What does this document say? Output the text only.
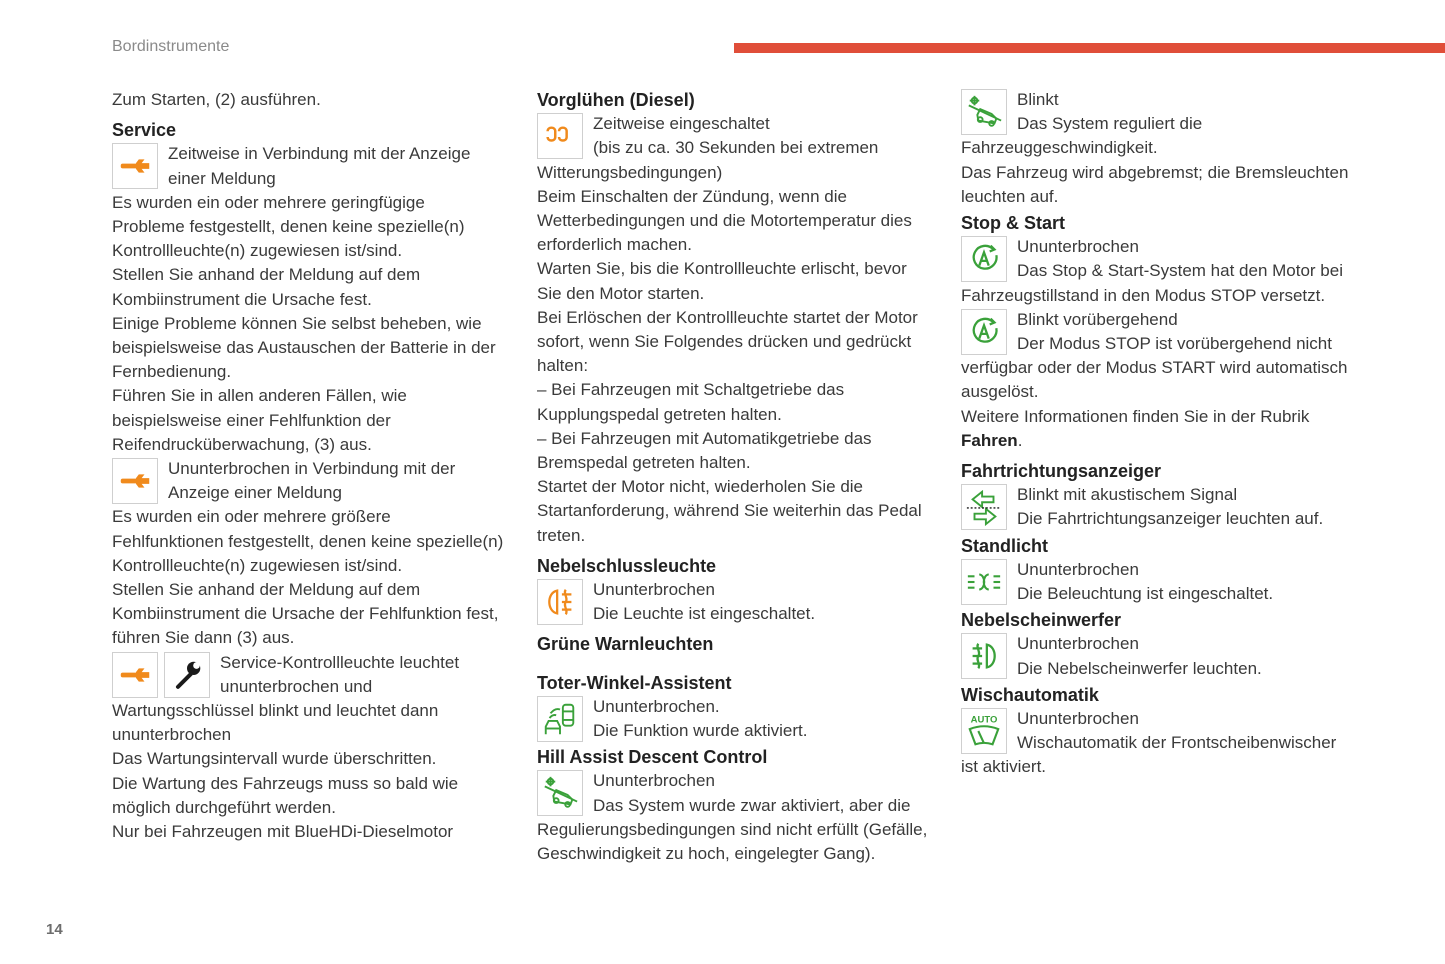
Bordinstrumente

Zum Starten, (2) ausführen.

Service

Zeitweise in Verbindung mit der Anzeige

einer Meldung

Es wurden ein oder mehrere geringfügige

Probleme festgestellt, denen keine spezielle(n)

Kontrollleuchte(n) zugewiesen ist/sind.

Stellen Sie anhand der Meldung auf dem

Kombiinstrument die Ursache fest.

Einige Probleme können Sie selbst beheben, wie

beispielsweise das Austauschen der Batterie in der

Fernbedienung.

Führen Sie in allen anderen Fällen, wie

beispielsweise einer Fehlfunktion der

Reifendrucküberwachung, (3) aus.

Ununterbrochen in Verbindung mit der

Anzeige einer Meldung

Es wurden ein oder mehrere größere

Fehlfunktionen festgestellt, denen keine spezielle(n)

Kontrollleuchte(n) zugewiesen ist/sind.

Stellen Sie anhand der Meldung auf dem

Kombiinstrument die Ursache der Fehlfunktion fest,

führen Sie dann (3) aus.

Service-Kontrollleuchte leuchtet

ununterbrochen und

Wartungsschlüssel blinkt und leuchtet dann

ununterbrochen

Das Wartungsintervall wurde überschritten.

Die Wartung des Fahrzeugs muss so bald wie

möglich durchgeführt werden.

Nur bei Fahrzeugen mit BlueHDi-Dieselmotor

Vorglühen (Diesel)

Zeitweise eingeschaltet

(bis zu ca. 30 Sekunden bei extremen

Witterungsbedingungen)

Beim Einschalten der Zündung, wenn die

Wetterbedingungen und die Motortemperatur dies

erforderlich machen.

Warten Sie, bis die Kontrollleuchte erlischt, bevor

Sie den Motor starten.

Bei Erlöschen der Kontrollleuchte startet der Motor

sofort, wenn Sie Folgendes drücken und gedrückt

halten:

– Bei Fahrzeugen mit Schaltgetriebe das

Kupplungspedal getreten halten.

– Bei Fahrzeugen mit Automatikgetriebe das

Bremspedal getreten halten.

Startet der Motor nicht, wiederholen Sie die

Startanforderung, während Sie weiterhin das Pedal

treten.

Nebelschlussleuchte

Ununterbrochen

Die Leuchte ist eingeschaltet.

Grüne Warnleuchten

Toter-Winkel-Assistent

Ununterbrochen.

Die Funktion wurde aktiviert.

Hill Assist Descent Control

Ununterbrochen

Das System wurde zwar aktiviert, aber die

Regulierungsbedingungen sind nicht erfüllt (Gefälle,

Geschwindigkeit zu hoch, eingelegter Gang).

Blinkt

Das System reguliert die

Fahrzeuggeschwindigkeit.

Das Fahrzeug wird abgebremst; die Bremsleuchten

leuchten auf.

Stop & Start

Ununterbrochen

Das Stop & Start-System hat den Motor bei

Fahrzeugstillstand in den Modus STOP versetzt.

Blinkt vorübergehend

Der Modus STOP ist vorübergehend nicht

verfügbar oder der Modus START wird automatisch

ausgelöst.

Weitere Informationen finden Sie in der Rubrik

Fahren.

Fahrtrichtungsanzeiger

Blinkt mit akustischem Signal

Die Fahrtrichtungsanzeiger leuchten auf.

Standlicht

Ununterbrochen

Die Beleuchtung ist eingeschaltet.

Nebelscheinwerfer

Ununterbrochen

Die Nebelscheinwerfer leuchten.

Wischautomatik

AUTO Ununterbrochen

Wischautomatik der Frontscheibenwischer

ist aktiviert.

14
